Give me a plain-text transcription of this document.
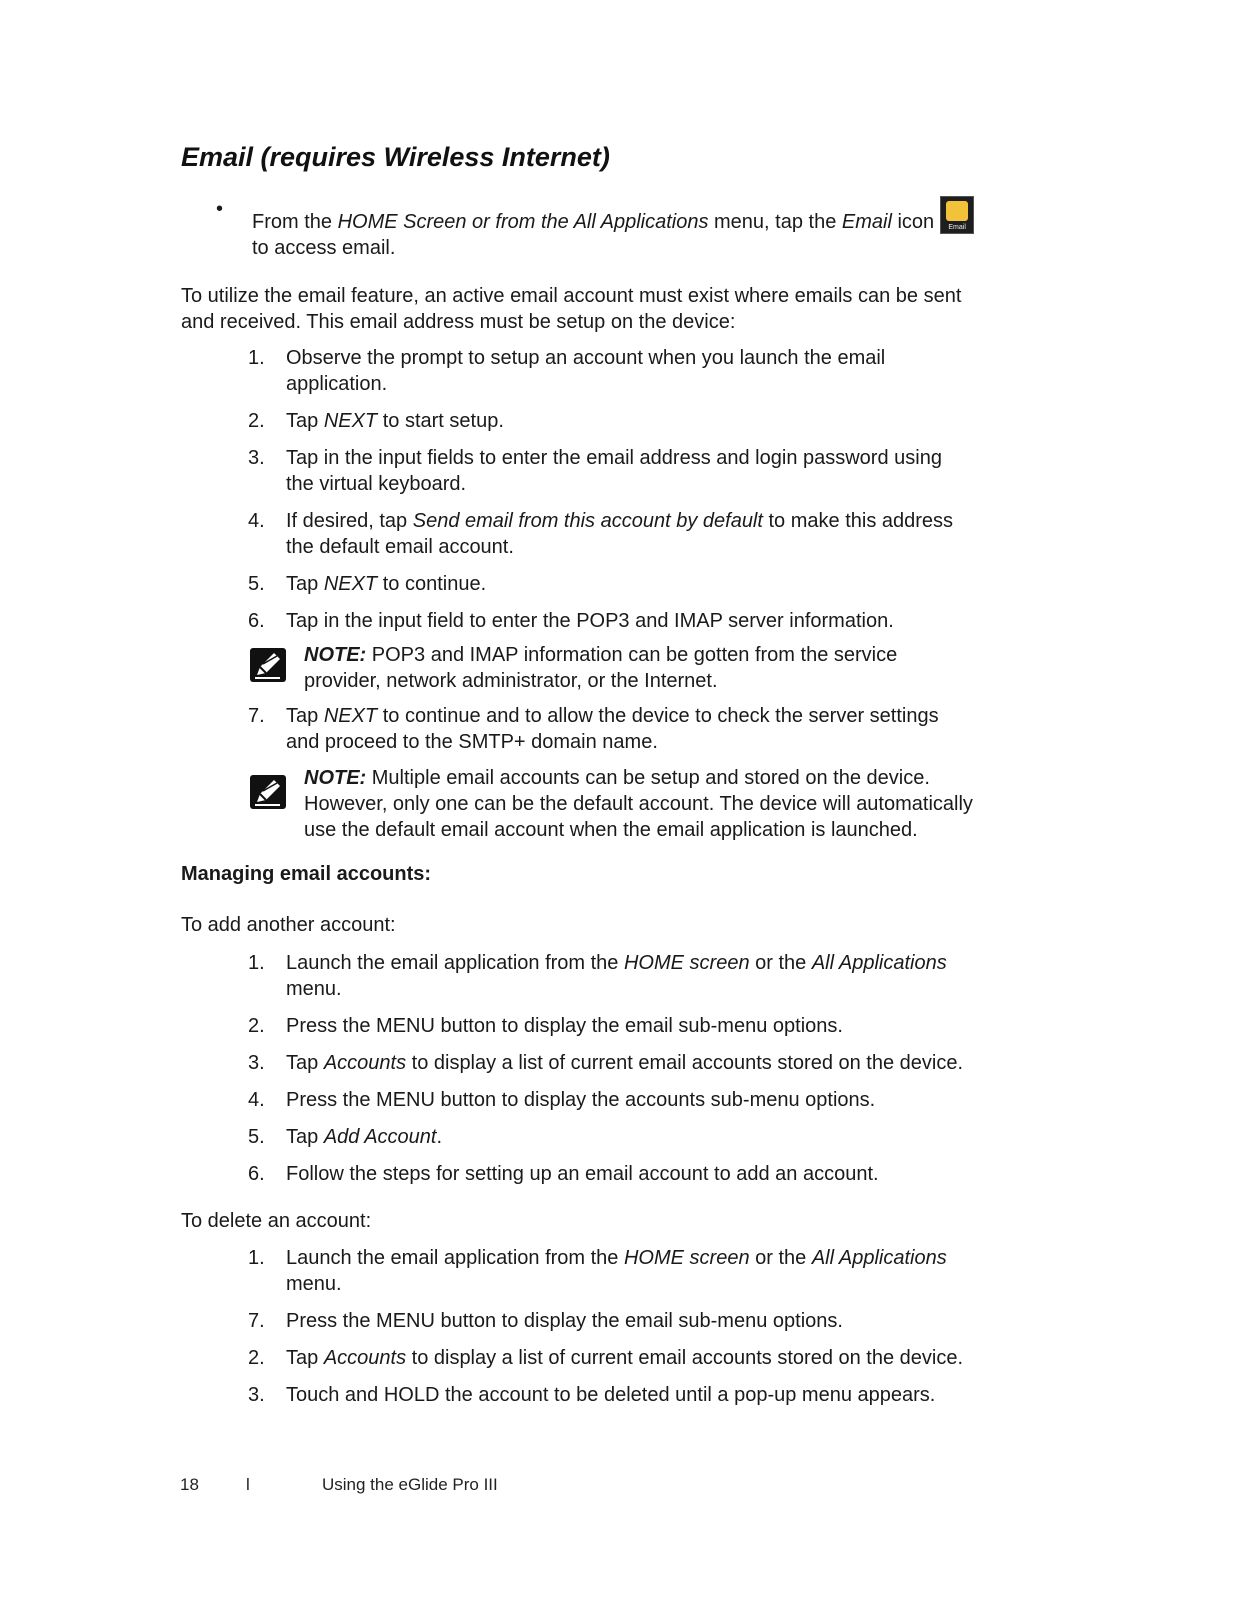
Email (requires Wireless Internet)
•
From the HOME Screen or from the All Applications menu, tap the Email icon	Email

to access email.
To utilize the email feature, an active email account must exist where emails can be sent
and received. This email address must be setup on the device:
1. Observe the prompt to setup an account when you launch the email
application.
2. Tap NEXT to start setup.
3. Tap in the input fields to enter the email address and login password using
the virtual keyboard.
4. If desired, tap Send email from this account by default to make this address
the default email account.
5. Tap NEXT to continue.
6. Tap in the input field to enter the POP3 and IMAP server information.
NOTE: POP3 and IMAP information can be gotten from the service
provider, network administrator, or the Internet.
7. Tap NEXT to continue and to allow the device to check the server settings
and proceed to the SMTP+ domain name.
NOTE: Multiple email accounts can be setup and stored on the device.
However, only one can be the default account. The device will automatically
use the default email account when the email application is launched.
Managing email accounts:
To add another account:
1. Launch the email application from the HOME screen or the All Applications
menu.
2. Press the MENU button to display the email sub-menu options.
3. Tap Accounts to display a list of current email accounts stored on the device.
4. Press the MENU button to display the accounts sub-menu options.
5. Tap Add Account.
6. Follow the steps for setting up an email account to add an account.
To delete an account:
1. Launch the email application from the HOME screen or the All Applications
menu.
7. Press the MENU button to display the email sub-menu options.
2. Tap Accounts to display a list of current email accounts stored on the device.
3. Touch and HOLD the account to be deleted until a pop-up menu appears.
18	l	Using the eGlide Pro III
